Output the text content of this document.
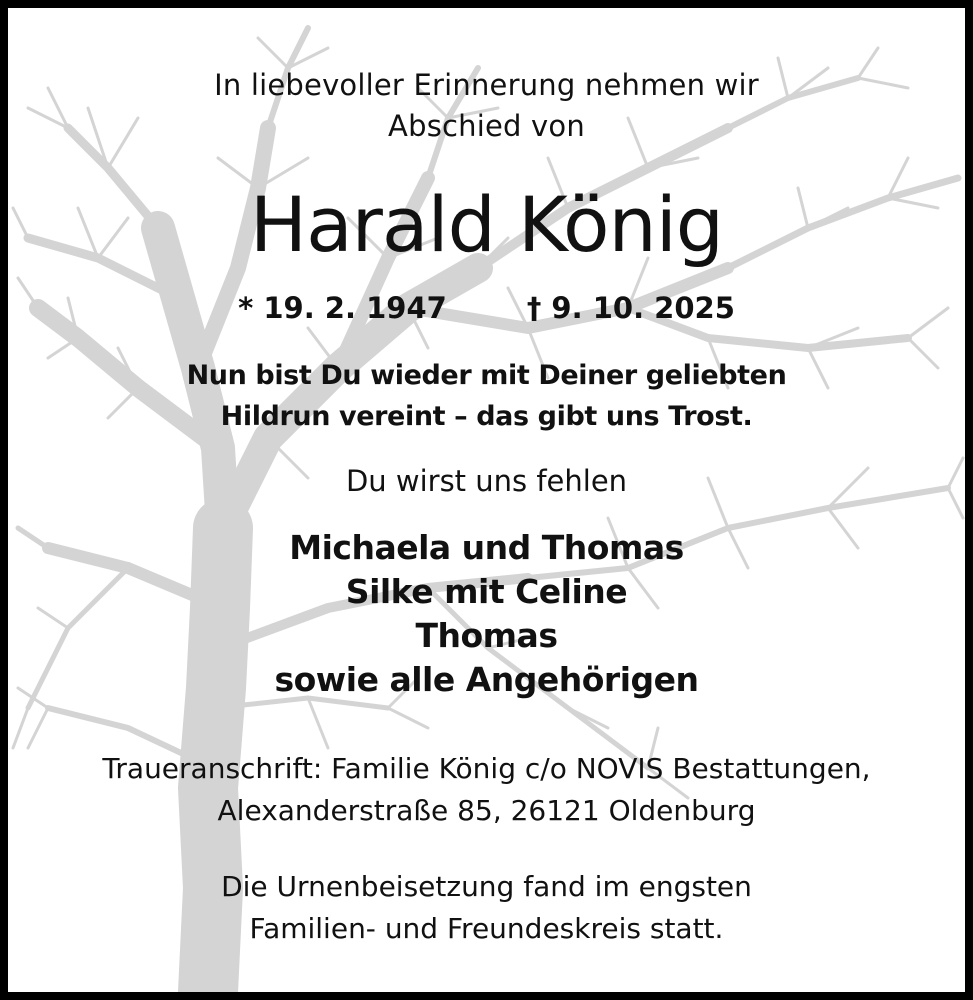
In liebevoller Erinnerung nehmen wir
Abschied von
Harald König
* 19. 2. 1947	† 9. 10. 2025
Nun bist Du wieder mit Deiner geliebten
Hildrun vereint – das gibt uns Trost.
Du wirst uns fehlen
Michaela und Thomas
Silke mit Celine
Thomas
sowie alle Angehörigen
Traueranschrift: Familie König c/o NOVIS Bestattungen,
Alexanderstraße 85, 26121 Oldenburg
Die Urnenbeisetzung fand im engsten
Familien- und Freundeskreis statt.
